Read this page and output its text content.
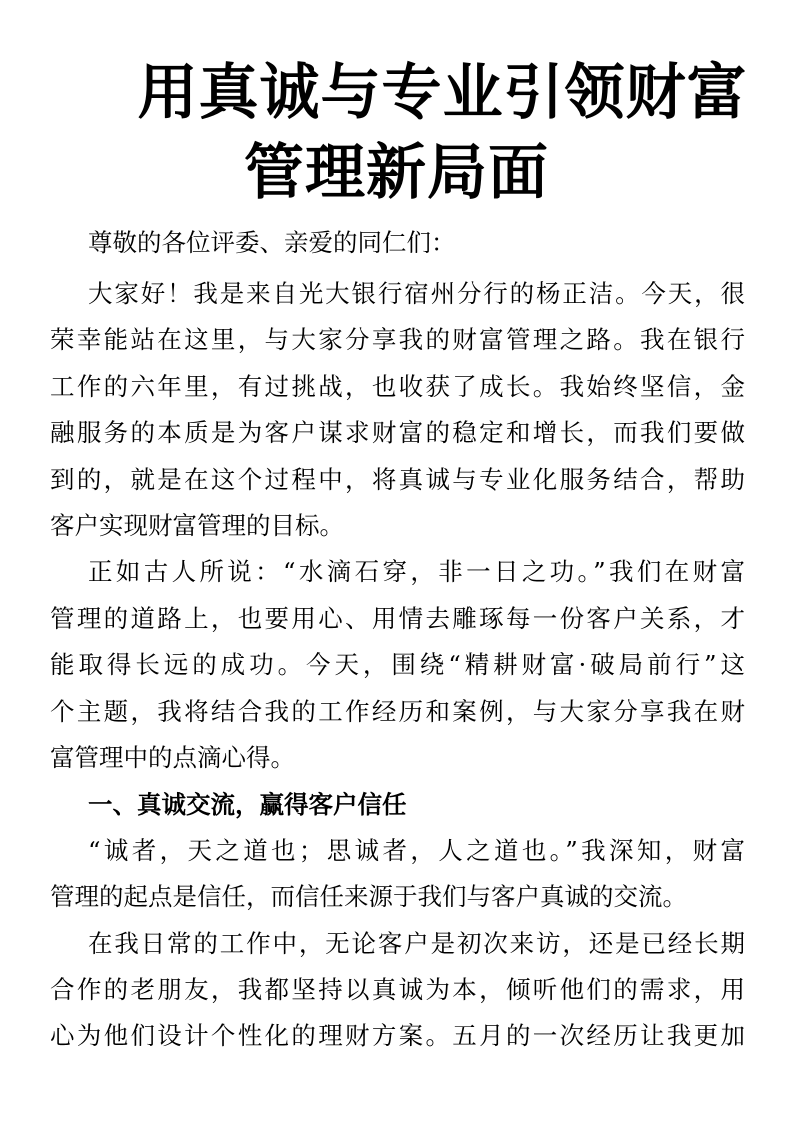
用真诚与专业引领财富
管理新局面
尊敬的各位评委、亲爱的同仁们：
大家好！我是来自光大银行宿州分行的杨正洁。今天，很
荣幸能站在这里，与大家分享我的财富管理之路。我在银行
工作的六年里，有过挑战，也收获了成长。我始终坚信，金
融服务的本质是为客户谋求财富的稳定和增长，而我们要做
到的，就是在这个过程中，将真诚与专业化服务结合，帮助
客户实现财富管理的目标。
正如古人所说：“水滴石穿，非一日之功。”我们在财富
管理的道路上，也要用心、用情去雕琢每一份客户关系，才
能取得长远的成功。今天，围绕“精耕财富·破局前行”这
个主题，我将结合我的工作经历和案例，与大家分享我在财
富管理中的点滴心得。
一、真诚交流，赢得客户信任
“诚者，天之道也；思诚者，人之道也。”我深知，财富
管理的起点是信任，而信任来源于我们与客户真诚的交流。
在我日常的工作中，无论客户是初次来访，还是已经长期
合作的老朋友，我都坚持以真诚为本，倾听他们的需求，用
心为他们设计个性化的理财方案。五月的一次经历让我更加
